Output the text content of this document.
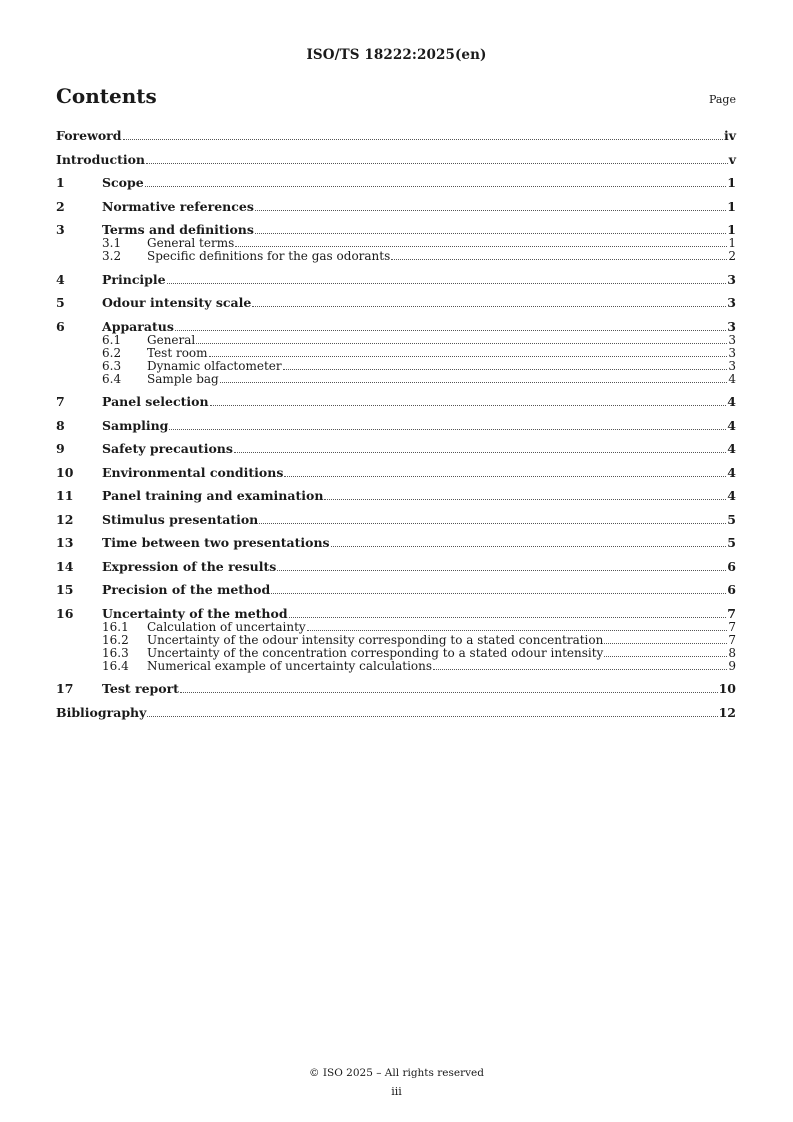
ISO/TS 18222:2025(en)
Contents	Page
Foreword	iv
Introduction	v
1	Scope	1
2	Normative references	1
3	Terms and definitions	1
3.1	General terms	1
3.2	Specific definitions for the gas odorants	2
4	Principle	3
5	Odour intensity scale	3
6	Apparatus	3
6.1	General	3
6.2	Test room	3
6.3	Dynamic olfactometer	3
6.4	Sample bag	4
7	Panel selection	4
8	Sampling	4
9	Safety precautions	4
10	Environmental conditions	4
11	Panel training and examination	4
12	Stimulus presentation	5
13	Time between two presentations	5
14	Expression of the results	6
15	Precision of the method	6
16	Uncertainty of the method	7
16.1	Calculation of uncertainty	7
16.2	Uncertainty of the odour intensity corresponding to a stated concentration	7
16.3	Uncertainty of the concentration corresponding to a stated odour intensity	8
16.4	Numerical example of uncertainty calculations	9
17	Test report	10
Bibliography	12
© ISO 2025 – All rights reserved
iii
